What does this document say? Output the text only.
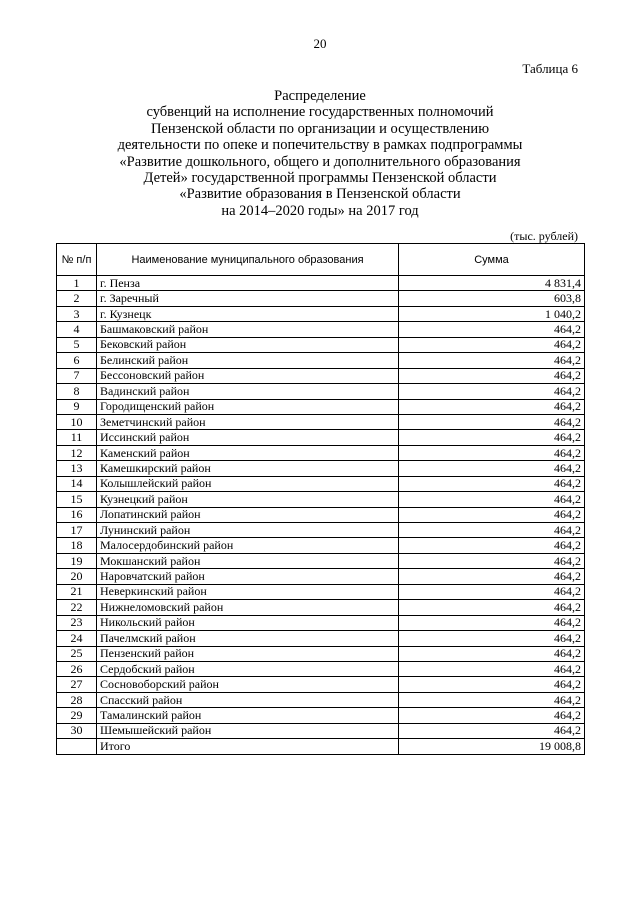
20
Таблица 6
Распределение
субвенций на исполнение государственных полномочий
Пензенской области по организации и осуществлению
деятельности по опеке и попечительству в рамках подпрограммы
«Развитие дошкольного, общего и дополнительного образования
Детей» государственной программы Пензенской области
«Развитие образования в Пензенской области
на 2014–2020 годы» на 2017 год
(тыс. рублей)
№ п/п	Наименование муниципального образования	Сумма
1	г. Пенза	4 831,4
2	г. Заречный	603,8
3	г. Кузнецк	1 040,2
4	Башмаковский район	464,2
5	Бековский район	464,2
6	Белинский район	464,2
7	Бессоновский район	464,2
8	Вадинский район	464,2
9	Городищенский район	464,2
10	Земетчинский район	464,2
11	Иссинский район	464,2
12	Каменский район	464,2
13	Камешкирский район	464,2
14	Колышлейский район	464,2
15	Кузнецкий район	464,2
16	Лопатинский район	464,2
17	Лунинский район	464,2
18	Малосердобинский район	464,2
19	Мокшанский район	464,2
20	Наровчатский район	464,2
21	Неверкинский район	464,2
22	Нижнеломовский район	464,2
23	Никольский район	464,2
24	Пачелмский район	464,2
25	Пензенский район	464,2
26	Сердобский район	464,2
27	Сосновоборский район	464,2
28	Спасский район	464,2
29	Тамалинский район	464,2
30	Шемышейский район	464,2
	Итого	19 008,8
